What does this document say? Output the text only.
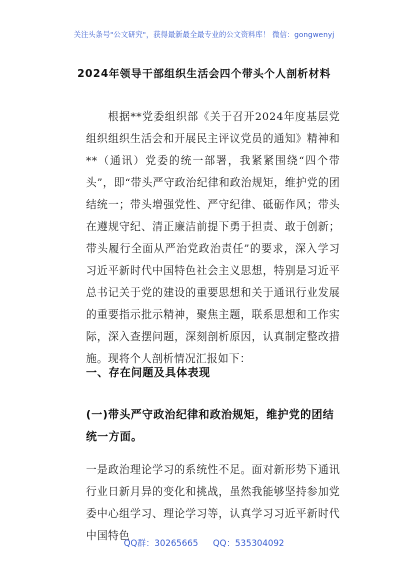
关注头条号"公文研究"，获得最新最全最专业的公文资料库！ 微信：gongwenyj
2024年领导干部组织生活会四个带头个人剖析材料
根据**党委组织部《关于召开2024年度基层党组织组织生活会和开展民主评议党员的通知》精神和**（通讯）党委的统一部署，我紧紧围绕“四个带头”，即“带头严守政治纪律和政治规矩，维护党的团结统一；带头增强党性、严守纪律、砥砺作风；带头在遵规守纪、清正廉洁前提下勇于担责、敢于创新；带头履行全面从严治党政治责任”的要求，深入学习习近平新时代中国特色社会主义思想，特别是习近平总书记关于党的建设的重要思想和关于通讯行业发展的重要指示批示精神，聚焦主题，联系思想和工作实际，深入查摆问题，深刻剖析原因，认真制定整改措施。现将个人剖析情况汇报如下：
一、存在问题及具体表现
(一)带头严守政治纪律和政治规矩，维护党的团结统一方面。
一是政治理论学习的系统性不足。面对新形势下通讯行业日新月异的变化和挑战，虽然我能够坚持参加党委中心组学习、理论学习等，认真学习习近平新时代中国特色
QQ群：30265665 QQ：535304092
